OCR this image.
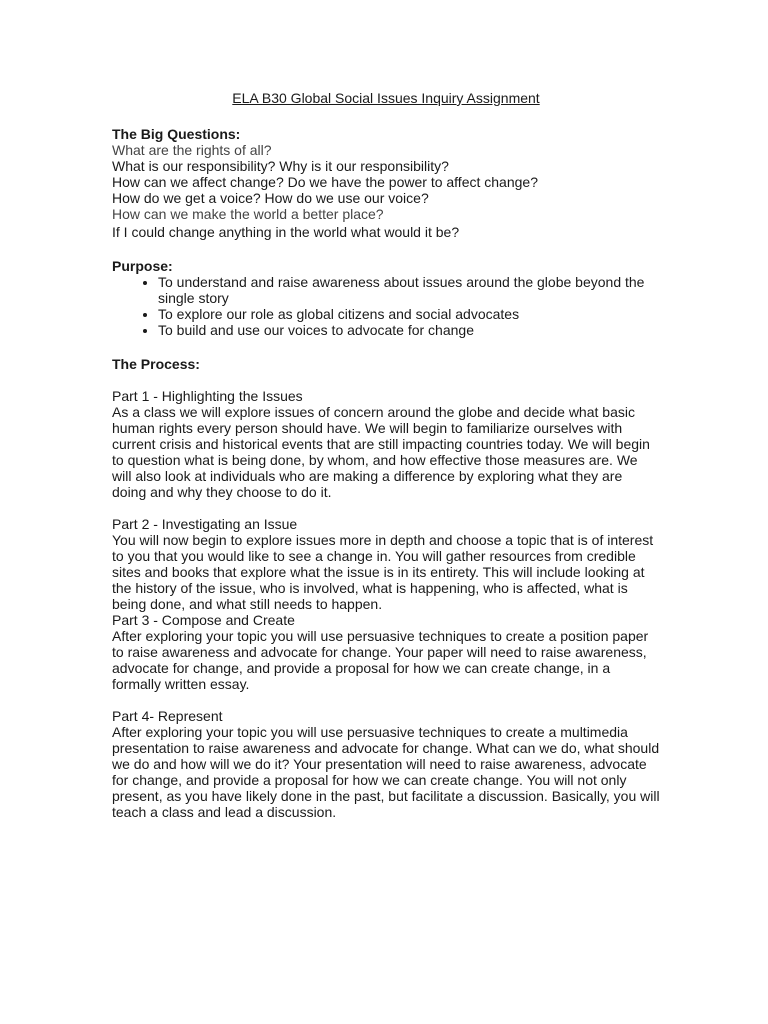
ELA B30 Global Social Issues Inquiry Assignment

The Big Questions:

What are the rights of all?

What is our responsibility? Why is it our responsibility?

How can we affect change? Do we have the power to affect change?

How do we get a voice? How do we use our voice?

How can we make the world a better place?

If I could change anything in the world what would it be?

Purpose:

• To understand and raise awareness about issues around the globe beyond the single story
• To explore our role as global citizens and social advocates
• To build and use our voices to advocate for change

The Process:

Part 1 - Highlighting the Issues

As a class we will explore issues of concern around the globe and decide what basic human rights every person should have. We will begin to familiarize ourselves with current crisis and historical events that are still impacting countries today. We will begin to question what is being done, by whom, and how effective those measures are. We will also look at individuals who are making a difference by exploring what they are doing and why they choose to do it.

Part 2 - Investigating an Issue

You will now begin to explore issues more in depth and choose a topic that is of interest to you that you would like to see a change in. You will gather resources from credible sites and books that explore what the issue is in its entirety. This will include looking at the history of the issue, who is involved, what is happening, who is affected, what is being done, and what still needs to happen.

Part 3 - Compose and Create

After exploring your topic you will use persuasive techniques to create a position paper to raise awareness and advocate for change. Your paper will need to raise awareness, advocate for change, and provide a proposal for how we can create change, in a formally written essay.

Part 4- Represent

After exploring your topic you will use persuasive techniques to create a multimedia presentation to raise awareness and advocate for change. What can we do, what should we do and how will we do it? Your presentation will need to raise awareness, advocate for change, and provide a proposal for how we can create change. You will not only present, as you have likely done in the past, but facilitate a discussion. Basically, you will teach a class and lead a discussion.
